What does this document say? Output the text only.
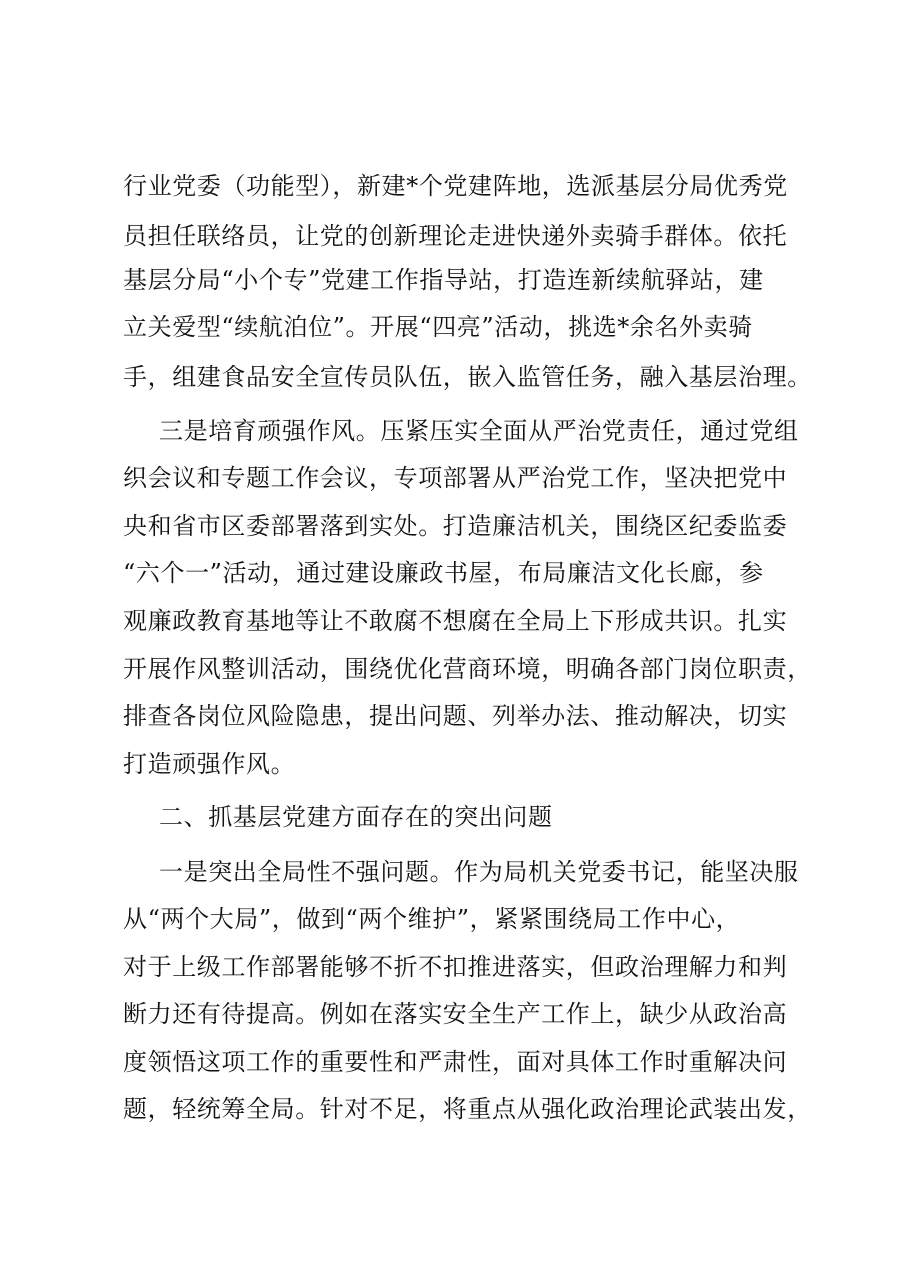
行业党委（功能型），新建*个党建阵地，选派基层分局优秀党
员担任联络员，让党的创新理论走进快递外卖骑手群体。依托
基层分局“小个专”党建工作指导站，打造连新续航驿站，建
立关爱型“续航泊位”。开展“四亮”活动，挑选*余名外卖骑
手，组建食品安全宣传员队伍，嵌入监管任务，融入基层治理。
三是培育顽强作风。压紧压实全面从严治党责任，通过党组
织会议和专题工作会议，专项部署从严治党工作，坚决把党中
央和省市区委部署落到实处。打造廉洁机关，围绕区纪委监委
“六个一”活动，通过建设廉政书屋，布局廉洁文化长廊，参
观廉政教育基地等让不敢腐不想腐在全局上下形成共识。扎实
开展作风整训活动，围绕优化营商环境，明确各部门岗位职责，
排查各岗位风险隐患，提出问题、列举办法、推动解决，切实
打造顽强作风。
二、抓基层党建方面存在的突出问题
一是突出全局性不强问题。作为局机关党委书记，能坚决服
从“两个大局”，做到“两个维护”，紧紧围绕局工作中心，
对于上级工作部署能够不折不扣推进落实，但政治理解力和判
断力还有待提高。例如在落实安全生产工作上，缺少从政治高
度领悟这项工作的重要性和严肃性，面对具体工作时重解决问
题，轻统筹全局。针对不足，将重点从强化政治理论武装出发，
